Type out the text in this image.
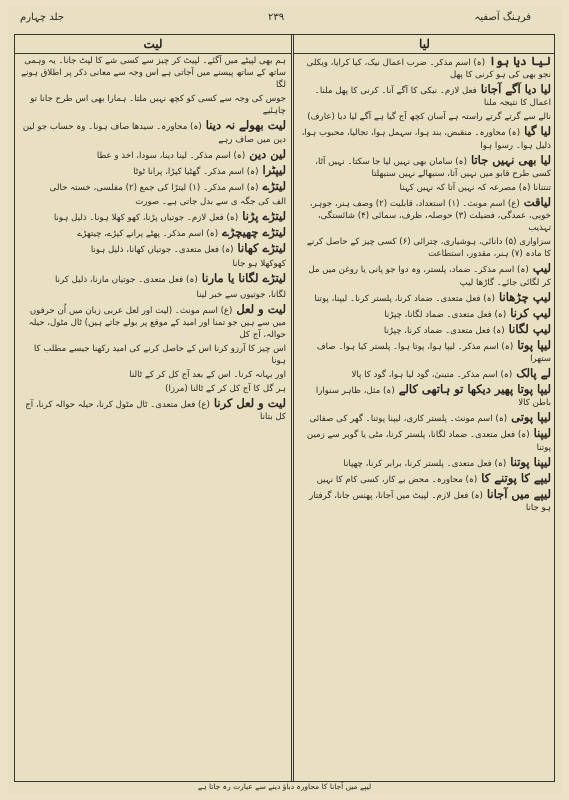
فرہنگ آصفیہ
۲۳۹
جلد چہارم
لیا
لیت
لیا دیا ہوا(ہ) اسم مذکر۔ ضرب اعمال نیک، کیا کرایا، ویکلی نجو بھی کی ہو کرنی کا پھل
لیا دیا آگے آجانافعل لازم۔ نیکی کا آگے آنا۔ کرنی کا پھل ملنا۔ اعمال کا نتیجہ ملنا
نالے سے گرتے گرتے راستہ ہے آسان کچھ آج گیا ہے آگے لیا دیا (عارف)
لیا گیا(ہ) محاورہ۔ منقبض، بند ہوا، سہمل ہوا، تجالیا، محبوب ہوا، ذلیل ہوا۔ رسوا ہوا
لیا بھی نہیں جاتا(ہ) سامان بھی نہیں لیا جا سکتا۔ نہیں آٹا، کسی طرح قابو میں نہیں آتا، سنبھالے نہیں سنبھلتا
تنتنانا (ہ) مصرعہ کہ نہیں آتا کہ نہیں کہنا
لیاقت(ع) اسم مونث۔ (۱) استعداد، قابلیت (۲) وصف ہنر، جوہر، خوبی، عمدگی، فضیلت (۳) حوصلہ، ظرف، سمائی (۴) شائستگی، تہذیب
سزاواری (۵) دانائی، ہوشیاری، چترائی (۶) کسی چیز کے حاصل کرنے کا مادہ (۷) ہنر، مقدور، استطاعت
لیپ(ہ) اسم مذکر۔ ضماد، پلستر، وہ دوا جو پانی یا روغن میں مل کر لگائی جائے۔ گاڑھا لیپ
لیپ چڑھانا(ہ) فعل متعدی۔ ضماد کرنا، پلستر کرنا۔ لیپنا، پوتنا
لیپ کرنا(ہ) فعل متعدی۔ ضماد لگانا، چپڑنا
لیپ لگانا(ہ) فعل متعدی۔ ضماد کرنا، چپڑنا
لیپا پوتا(ہ) اسم مذکر۔ لیپا ہوا، پوتا ہوا۔ پلستر کیا ہوا۔ صاف ستھرا
لے پالک(ہ) اسم مذکر۔ متبنیٰ، گود لیا ہوا، گود کا پالا
لیپا پوتا پھیر دیکھا تو ہاتھی کالے(ہ) مثل، ظاہر سنوارا باطن کالا
لیپا پوتی(ہ) اسم مونث۔ پلستر کاری، لیپنا پوتنا۔ گھر کی صفائی
لیپنا(ہ) فعل متعدی۔ ضماد لگانا، پلستر کرنا، مٹی یا گوبر سے زمین پوتنا
لیپنا پوتنا(ہ) فعل متعدی۔ پلستر کرنا، برابر کرنا، چھپانا
لیپے کا پوتنے کا(ہ) محاورہ۔ محض بے کار، کسی کام کا نہیں
لیپے میں آجانا(ہ) فعل لازم۔ لپیٹ میں آجانا، پھنس جانا، گرفتار ہو جانا
ہم بھی لپیٹے میں آگئے۔ لپیٹ کر چیز سے کسی شے کا لپٹ جانا۔ یہ وہمی ساتھ کے ساتھ پیسنے میں آجاتی ہے اس وجہ سے معانی ذکر پر اطلاق ہونے لگا
جوس کی وجہ سے کسی کو کچھ نہیں ملتا۔ ہمارا بھی اس طرح جانا تو چاہئیے
لیت بھولے نہ دینا(ہ) محاورہ۔ سیدھا صاف ہونا۔ وہ حساب جو لین دین میں صاف رہے
لین دین(ہ) اسم مذکر۔ لینا دینا، سودا، اخذ و عطا
لیپٹرا(ہ) اسم مذکر۔ گھٹیا کپڑا، پرانا ٹوٹا
لیتڑے(ہ) اسم مذکر۔ (۱) لیتڑا کی جمع (۲) مفلسی، خستہ حالی
الف کی جگہ ی سے بدل جاتی ہے۔ صورت
لیتڑے پڑنا(ہ) فعل لازم۔ جوتیاں پڑنا، کھو کھلا ہونا۔ ذلیل ہونا
لیتڑے چھیچڑے(ہ) اسم مذکر۔ پھٹے پرانے کپڑے، چیتھڑے
لیتڑے کھانا(ہ) فعل متعدی۔ جوتیاں کھانا، ذلیل ہونا
کھوکھلا ہو جانا
لیتڑے لگانا یا مارنا(ہ) فعل متعدی۔ جوتیاں مارنا، ذلیل کرنا
لگانا، جوتیوں سے خبر لینا
لیت و لعل(ع) اسم مونث۔ (لیت اور لعل عربی زبان میں اُن حرفوں میں سے ہیں جو تمنا اور امید کے موقع پر بولے جاتے ہیں) ٹال مٹول، حیلہ حوالہ، آج کل
اس چیز کا آرزو کرنا اس کے حاصل کرنے کی امید رکھنا جیسے مطلب کا ہونا
اور بہانہ کرنا۔ اس کے بعد آج کل کر کے ٹالنا
ہر گل کا آج کل کر کے ٹالنا (مرزا)
لیت و لعل کرنا(ع) فعل متعدی۔ ٹال مٹول کرنا، حیلہ حوالہ کرنا، آج کل بتانا
لیپے میں آجانا کا محاورہ دباؤ دینے سے عبارت رہ جاتا ہے
